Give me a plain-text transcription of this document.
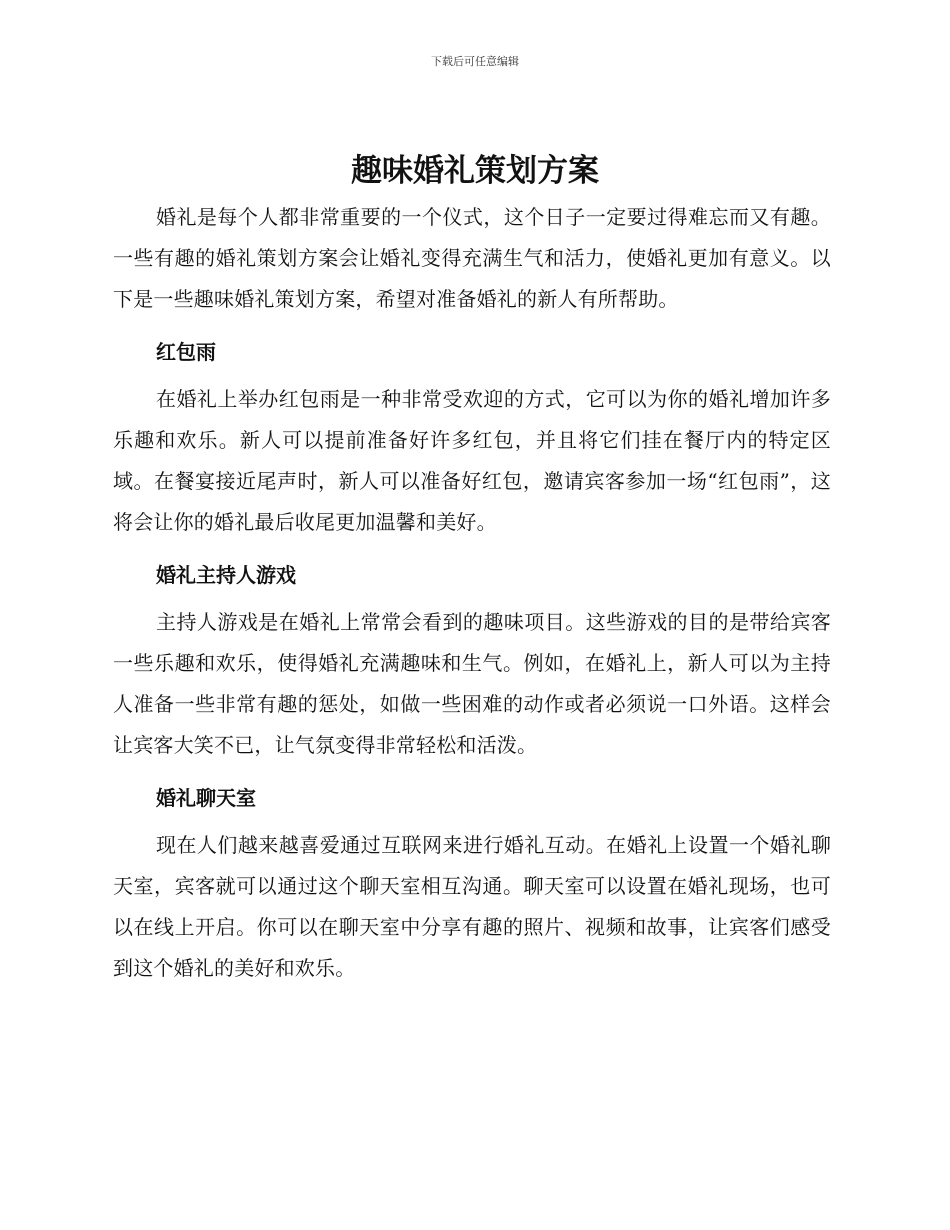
下载后可任意编辑
趣味婚礼策划方案

婚礼是每个人都非常重要的一个仪式，这个日子一定要过得难忘而又有趣。一些有趣的婚礼策划方案会让婚礼变得充满生气和活力，使婚礼更加有意义。以下是一些趣味婚礼策划方案，希望对准备婚礼的新人有所帮助。

红包雨

在婚礼上举办红包雨是一种非常受欢迎的方式，它可以为你的婚礼增加许多乐趣和欢乐。新人可以提前准备好许多红包，并且将它们挂在餐厅内的特定区域。在餐宴接近尾声时，新人可以准备好红包，邀请宾客参加一场“红包雨”，这将会让你的婚礼最后收尾更加温馨和美好。

婚礼主持人游戏

主持人游戏是在婚礼上常常会看到的趣味项目。这些游戏的目的是带给宾客一些乐趣和欢乐，使得婚礼充满趣味和生气。例如，在婚礼上，新人可以为主持人准备一些非常有趣的惩处，如做一些困难的动作或者必须说一口外语。这样会让宾客大笑不已，让气氛变得非常轻松和活泼。

婚礼聊天室

现在人们越来越喜爱通过互联网来进行婚礼互动。在婚礼上设置一个婚礼聊天室，宾客就可以通过这个聊天室相互沟通。聊天室可以设置在婚礼现场，也可以在线上开启。你可以在聊天室中分享有趣的照片、视频和故事，让宾客们感受到这个婚礼的美好和欢乐。
